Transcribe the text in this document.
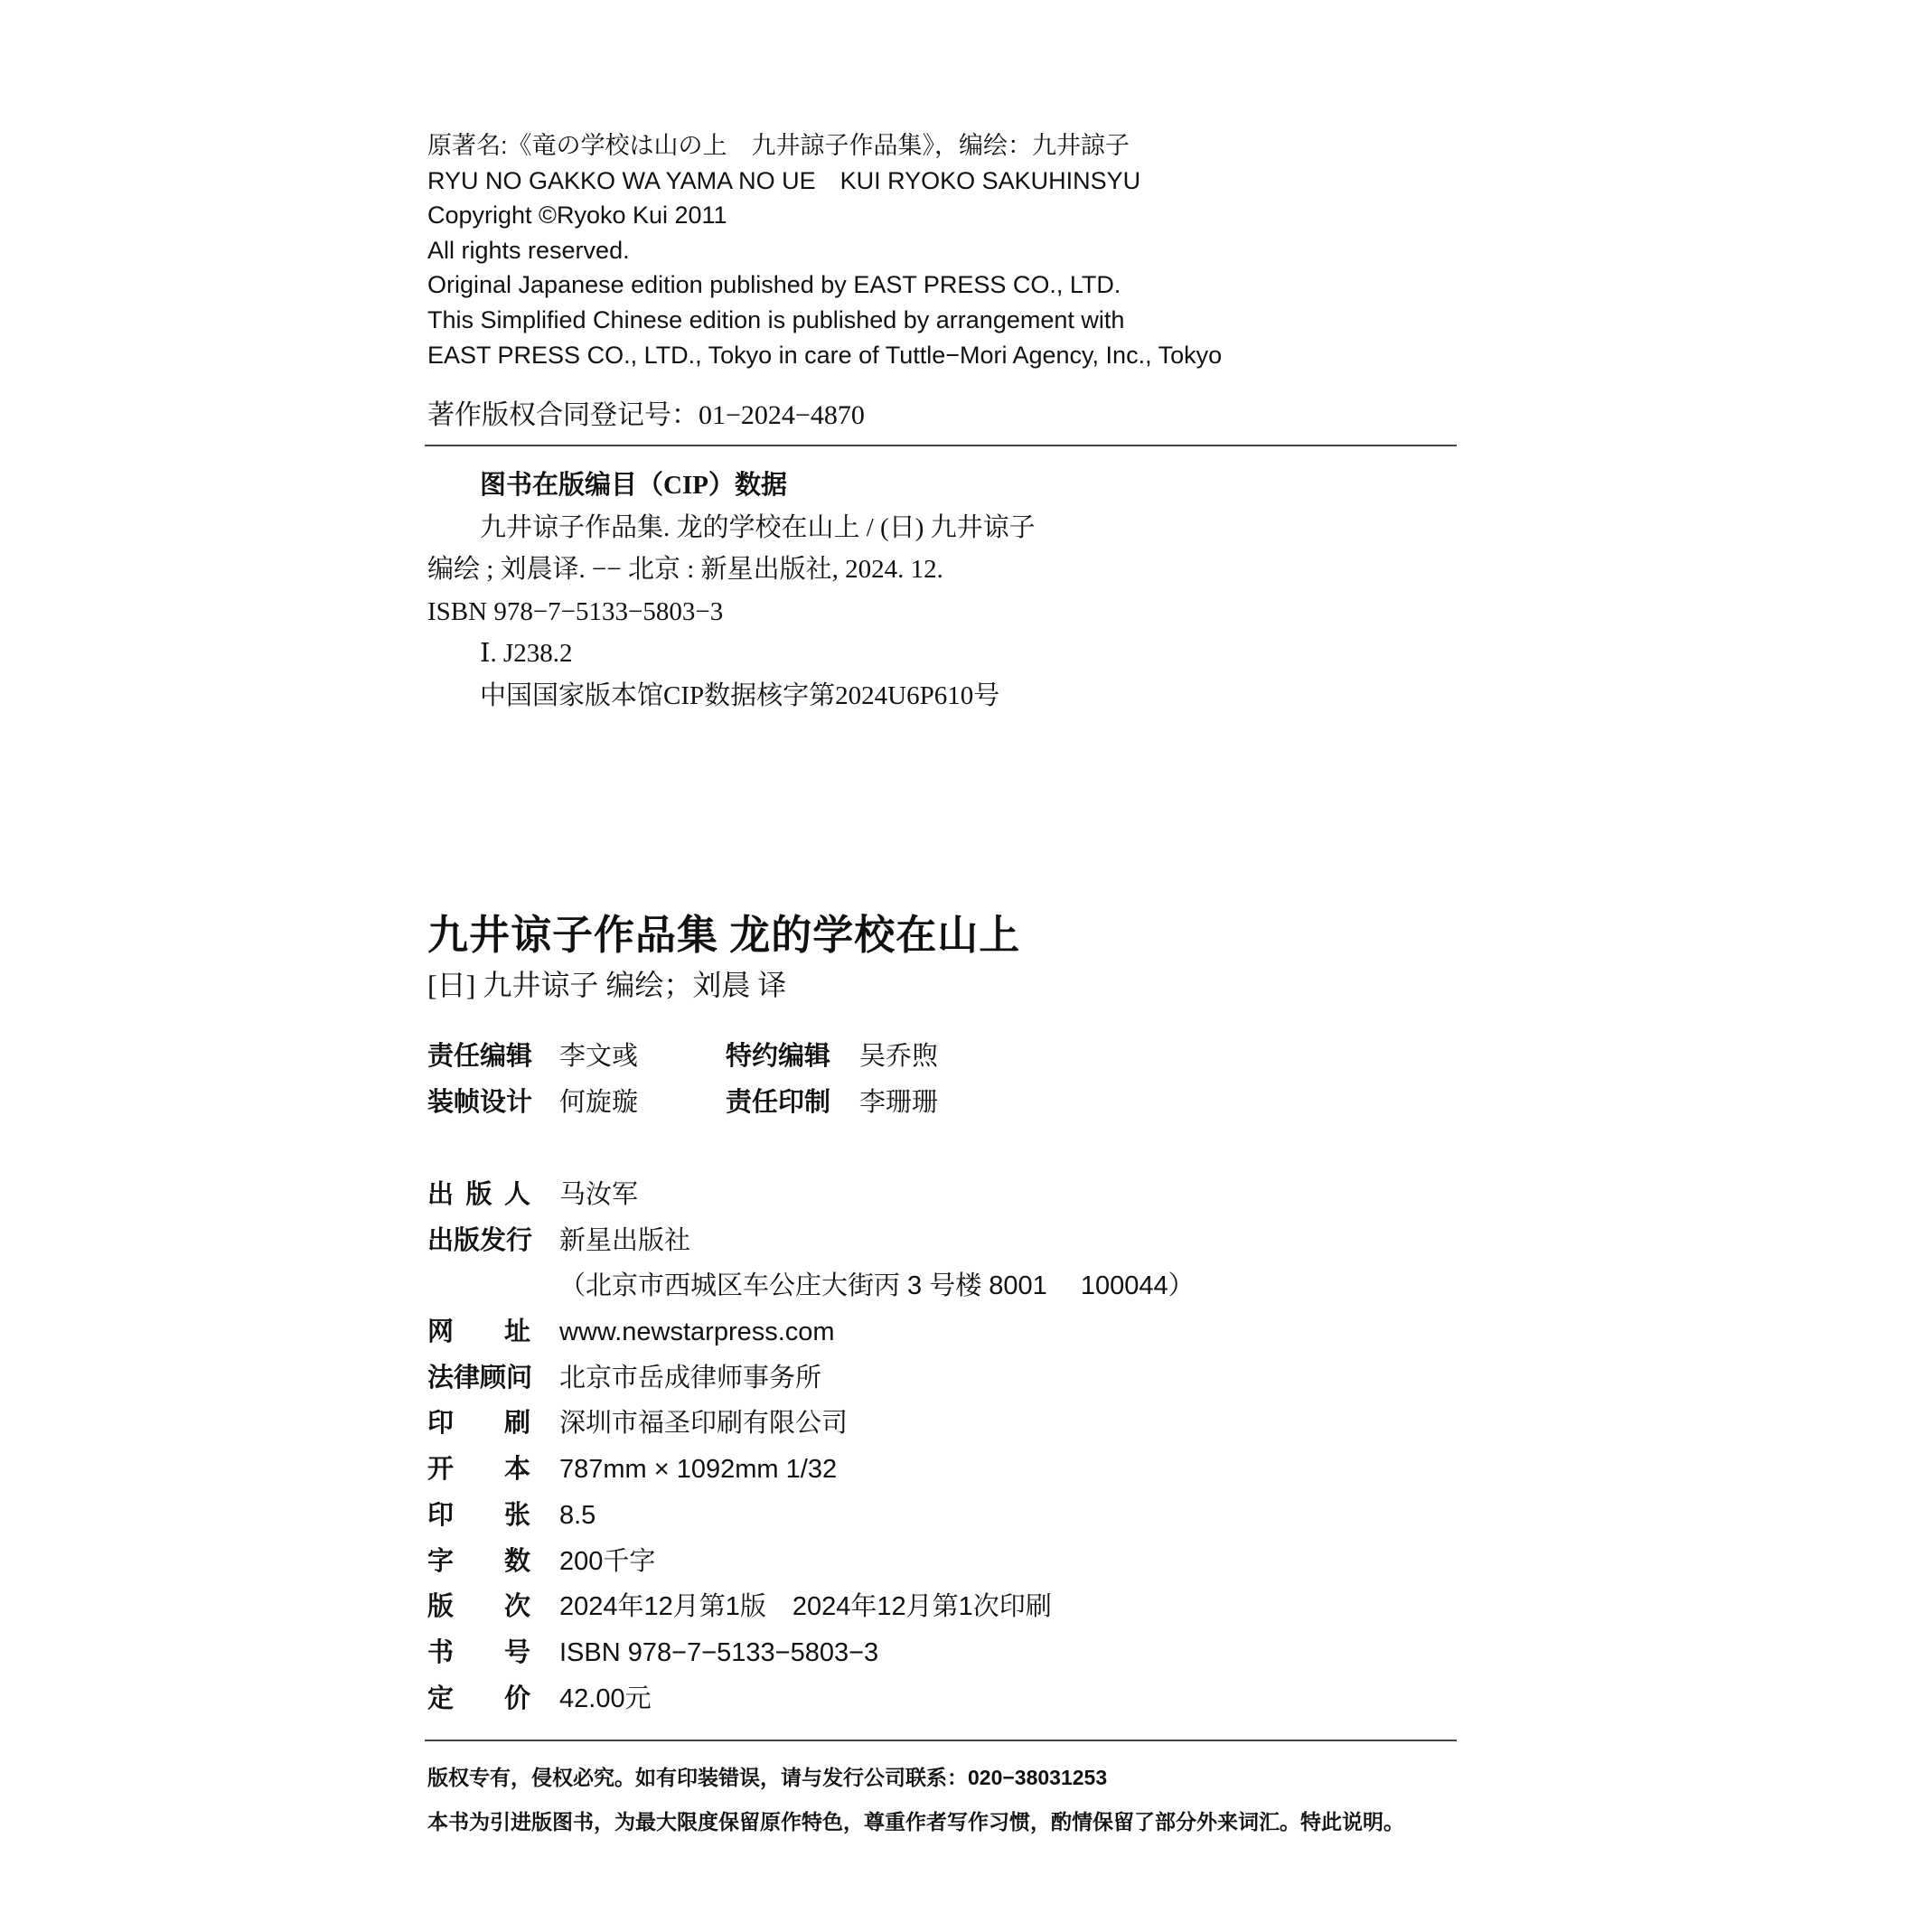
原著名:《竜の学校は山の上　九井諒子作品集》，编绘：九井諒子
RYU NO GAKKO WA YAMA NO UE　KUI RYOKO SAKUHINSYU
Copyright ©Ryoko Kui 2011
All rights reserved.
Original Japanese edition published by EAST PRESS CO., LTD.
This Simplified Chinese edition is published by arrangement with
EAST PRESS CO., LTD., Tokyo in care of Tuttle−Mori Agency, Inc., Tokyo
著作版权合同登记号：01−2024−4870
图书在版编目（CIP）数据
九井谅子作品集. 龙的学校在山上 / (日) 九井谅子
编绘 ; 刘晨译. −− 北京 : 新星出版社, 2024. 12.
ISBN 978−7−5133−5803−3
Ⅰ. J238.2
中国国家版本馆CIP数据核字第2024U6P610号
九井谅子作品集 龙的学校在山上
[日] 九井谅子 编绘；刘晨 译
责任编辑 李文彧	特约编辑 吴乔煦
装帧设计 何旋璇	责任印制 李珊珊
出 版 人 马汝军
出版发行 新星出版社
（北京市西城区车公庄大街丙 3 号楼 8001　 100044）
网 址 www.newstarpress.com
法律顾问 北京市岳成律师事务所
印 刷 深圳市福圣印刷有限公司
开 本 787mm × 1092mm 1/32
印 张 8.5
字 数 200千字
版 次 2024年12月第1版　2024年12月第1次印刷
书 号 ISBN 978−7−5133−5803−3
定 价 42.00元
版权专有，侵权必究。如有印装错误，请与发行公司联系：020−38031253
本书为引进版图书，为最大限度保留原作特色，尊重作者写作习惯，酌情保留了部分外来词汇。特此说明。
